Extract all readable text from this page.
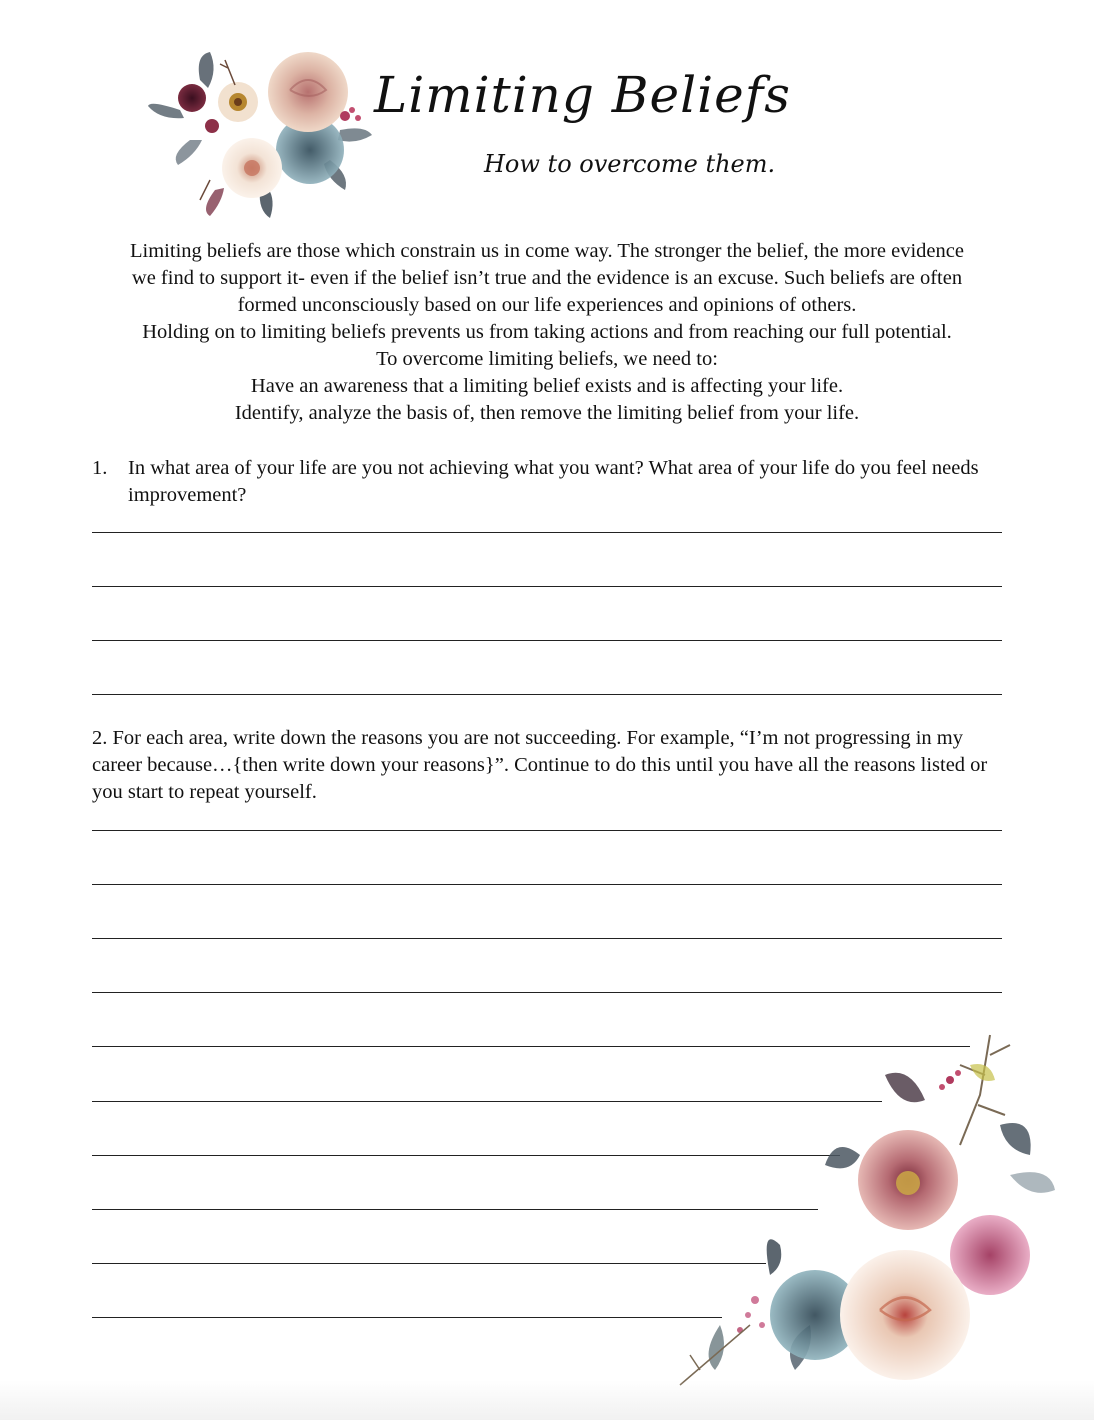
Limiting Beliefs
How to overcome them.
Limiting beliefs are those which constrain us in come way. The stronger the belief, the more evidence
we find to support it- even if the belief isn’t true and the evidence is an excuse. Such beliefs are often
formed unconsciously based on our life experiences and opinions of others.
Holding on to limiting beliefs prevents us from taking actions and from reaching our full potential.
To overcome limiting beliefs, we need to:
Have an awareness that a limiting belief exists and is affecting your life.
Identify, analyze the basis of, then remove the limiting belief from your life.
1. In what area of your life are you not achieving what you want? What area of your life do you feel needs improvement?
2. For each area, write down the reasons you are not succeeding. For example, “I’m not progressing in my career because…{then write down your reasons}”. Continue to do this until you have all the reasons listed or you start to repeat yourself.
